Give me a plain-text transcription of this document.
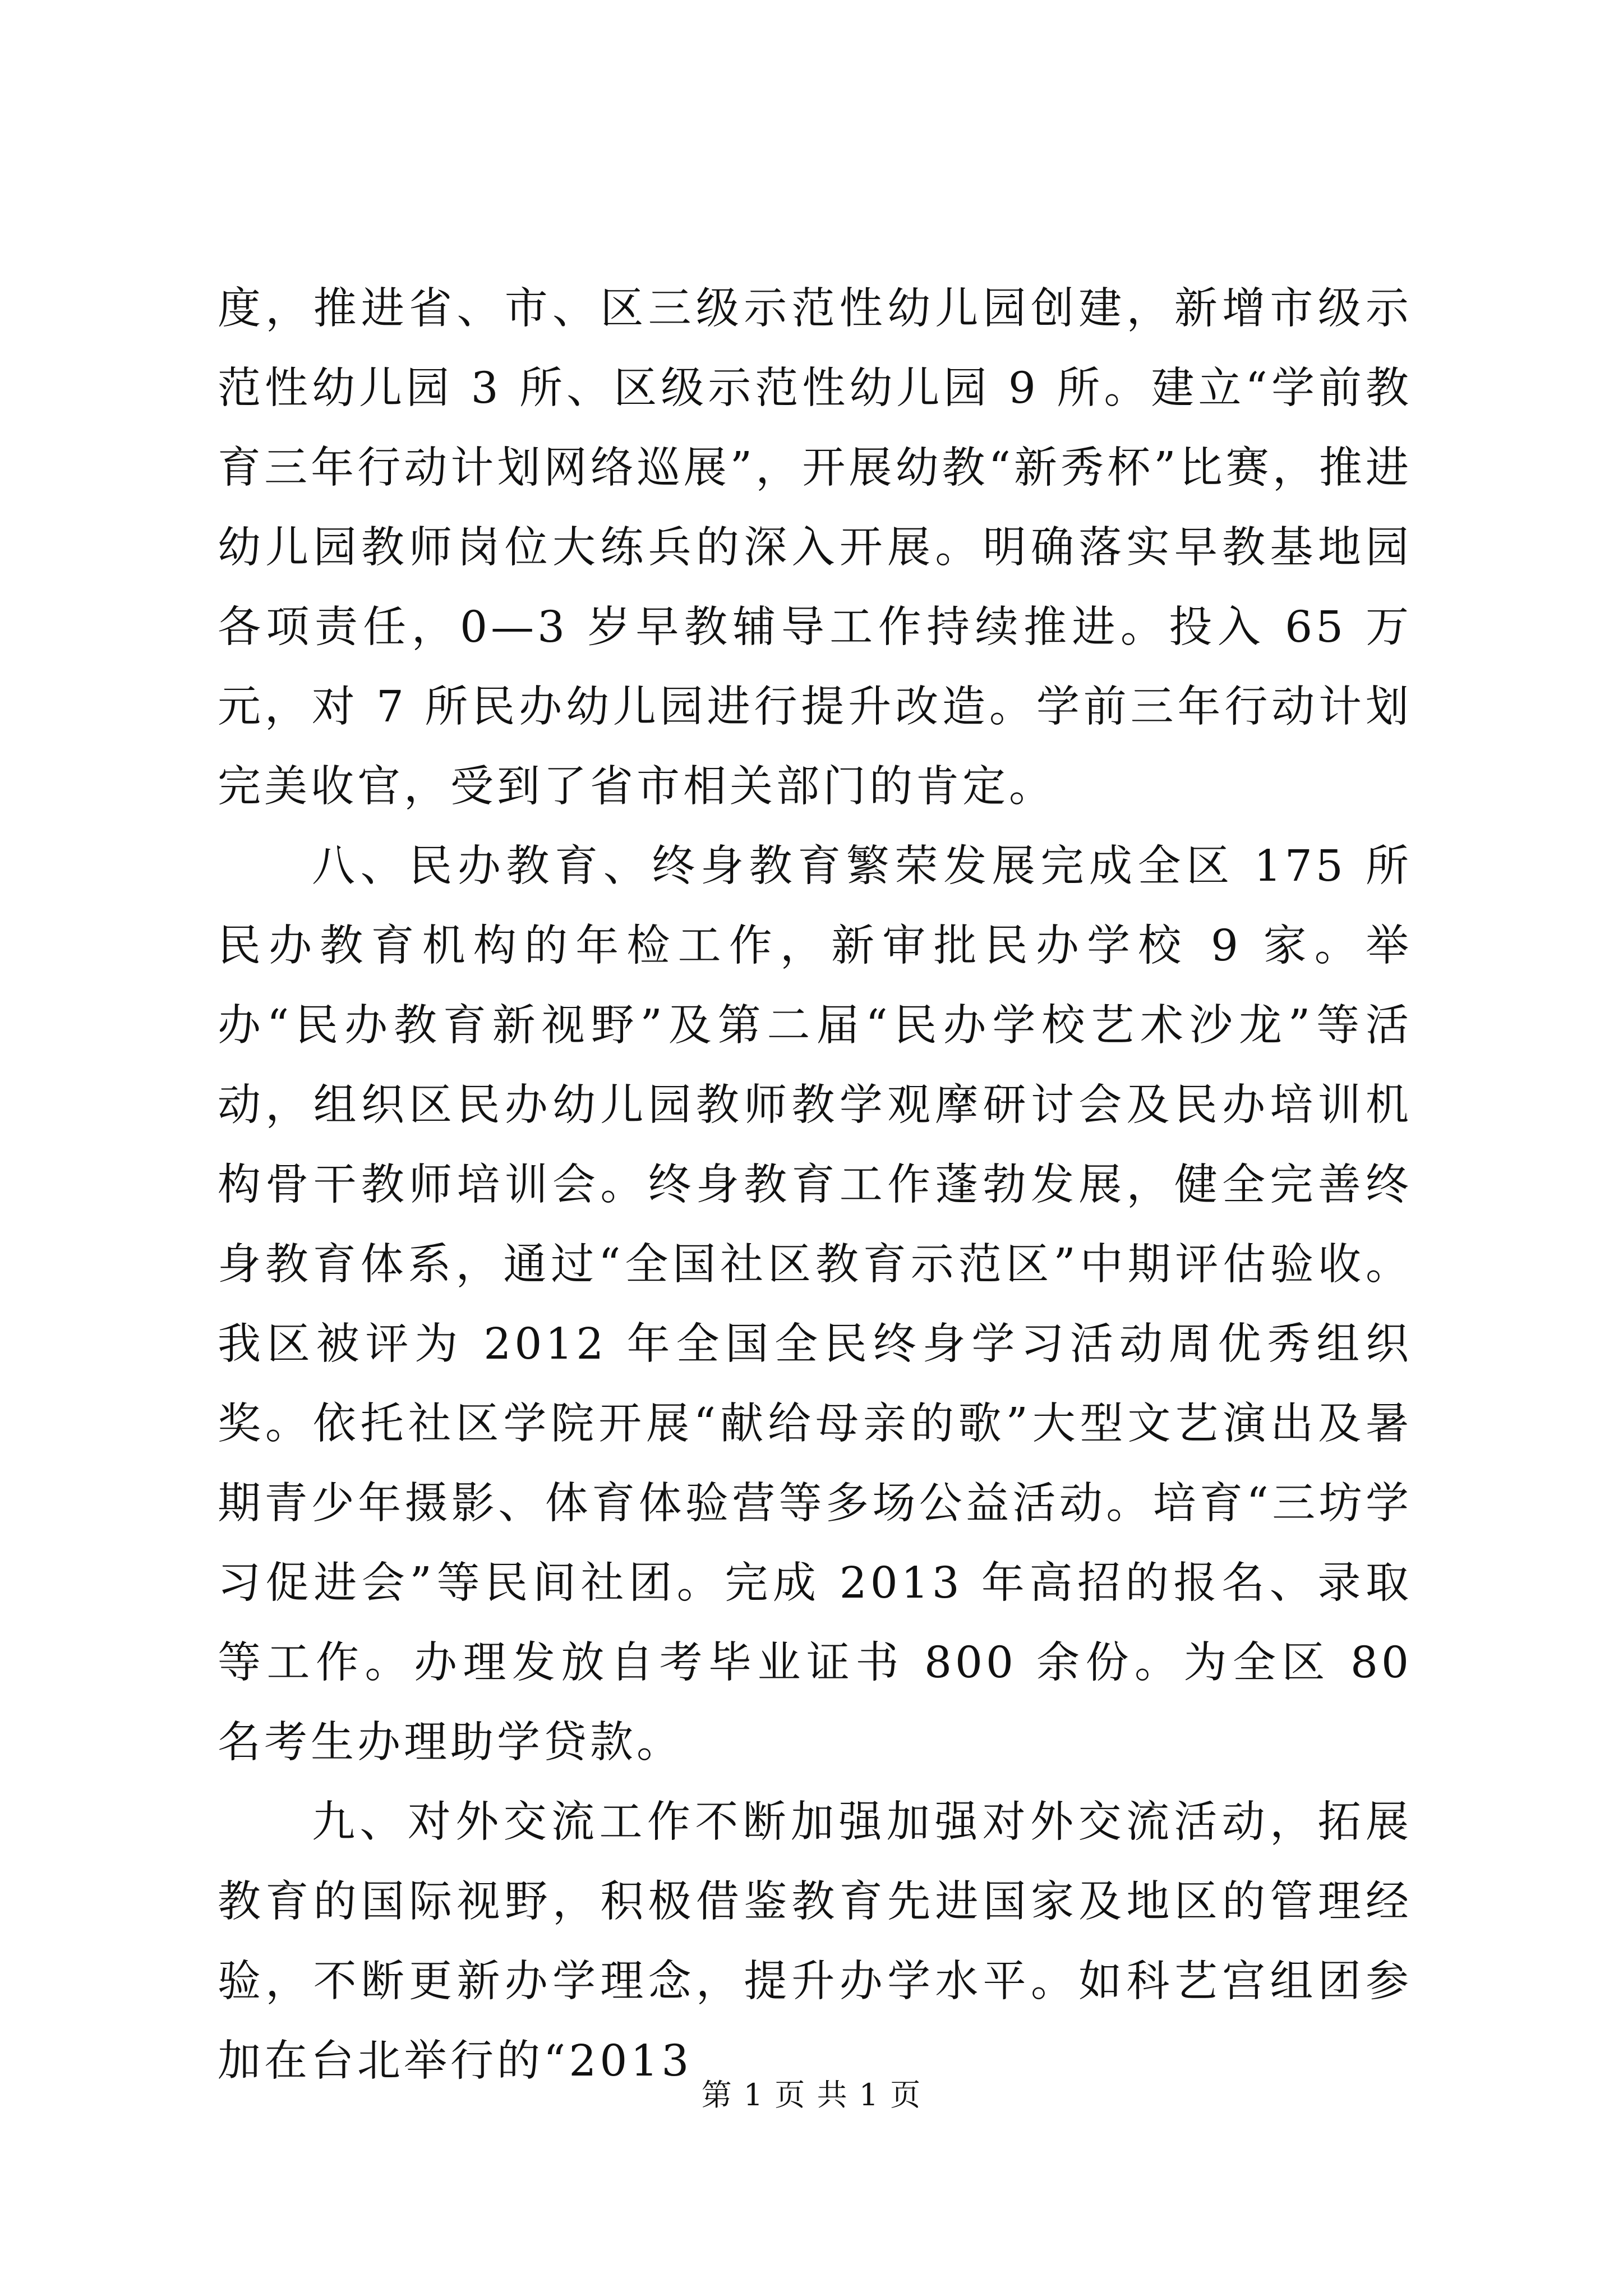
度，推进省、市、区三级示范性幼儿园创建，新增市级示范性幼儿园 3 所、区级示范性幼儿园 9 所。建立“学前教育三年行动计划网络巡展”，开展幼教“新秀杯”比赛，推进幼儿园教师岗位大练兵的深入开展。明确落实早教基地园各项责任，0—3 岁早教辅导工作持续推进。投入 65 万元，对 7 所民办幼儿园进行提升改造。学前三年行动计划完美收官，受到了省市相关部门的肯定。

八、民办教育、终身教育繁荣发展完成全区 175 所民办教育机构的年检工作，新审批民办学校 9 家。举办“民办教育新视野”及第二届“民办学校艺术沙龙”等活动，组织区民办幼儿园教师教学观摩研讨会及民办培训机构骨干教师培训会。终身教育工作蓬勃发展，健全完善终身教育体系，通过“全国社区教育示范区”中期评估验收。我区被评为 2012 年全国全民终身学习活动周优秀组织奖。依托社区学院开展“献给母亲的歌”大型文艺演出及暑期青少年摄影、体育体验营等多场公益活动。培育“三坊学习促进会”等民间社团。完成 2013 年高招的报名、录取等工作。办理发放自考毕业证书 800 余份。为全区 80 名考生办理助学贷款。

九、对外交流工作不断加强加强对外交流活动，拓展教育的国际视野，积极借鉴教育先进国家及地区的管理经验，不断更新办学理念，提升办学水平。如科艺宫组团参加在台北举行的“2013

第 1 页 共 1 页
